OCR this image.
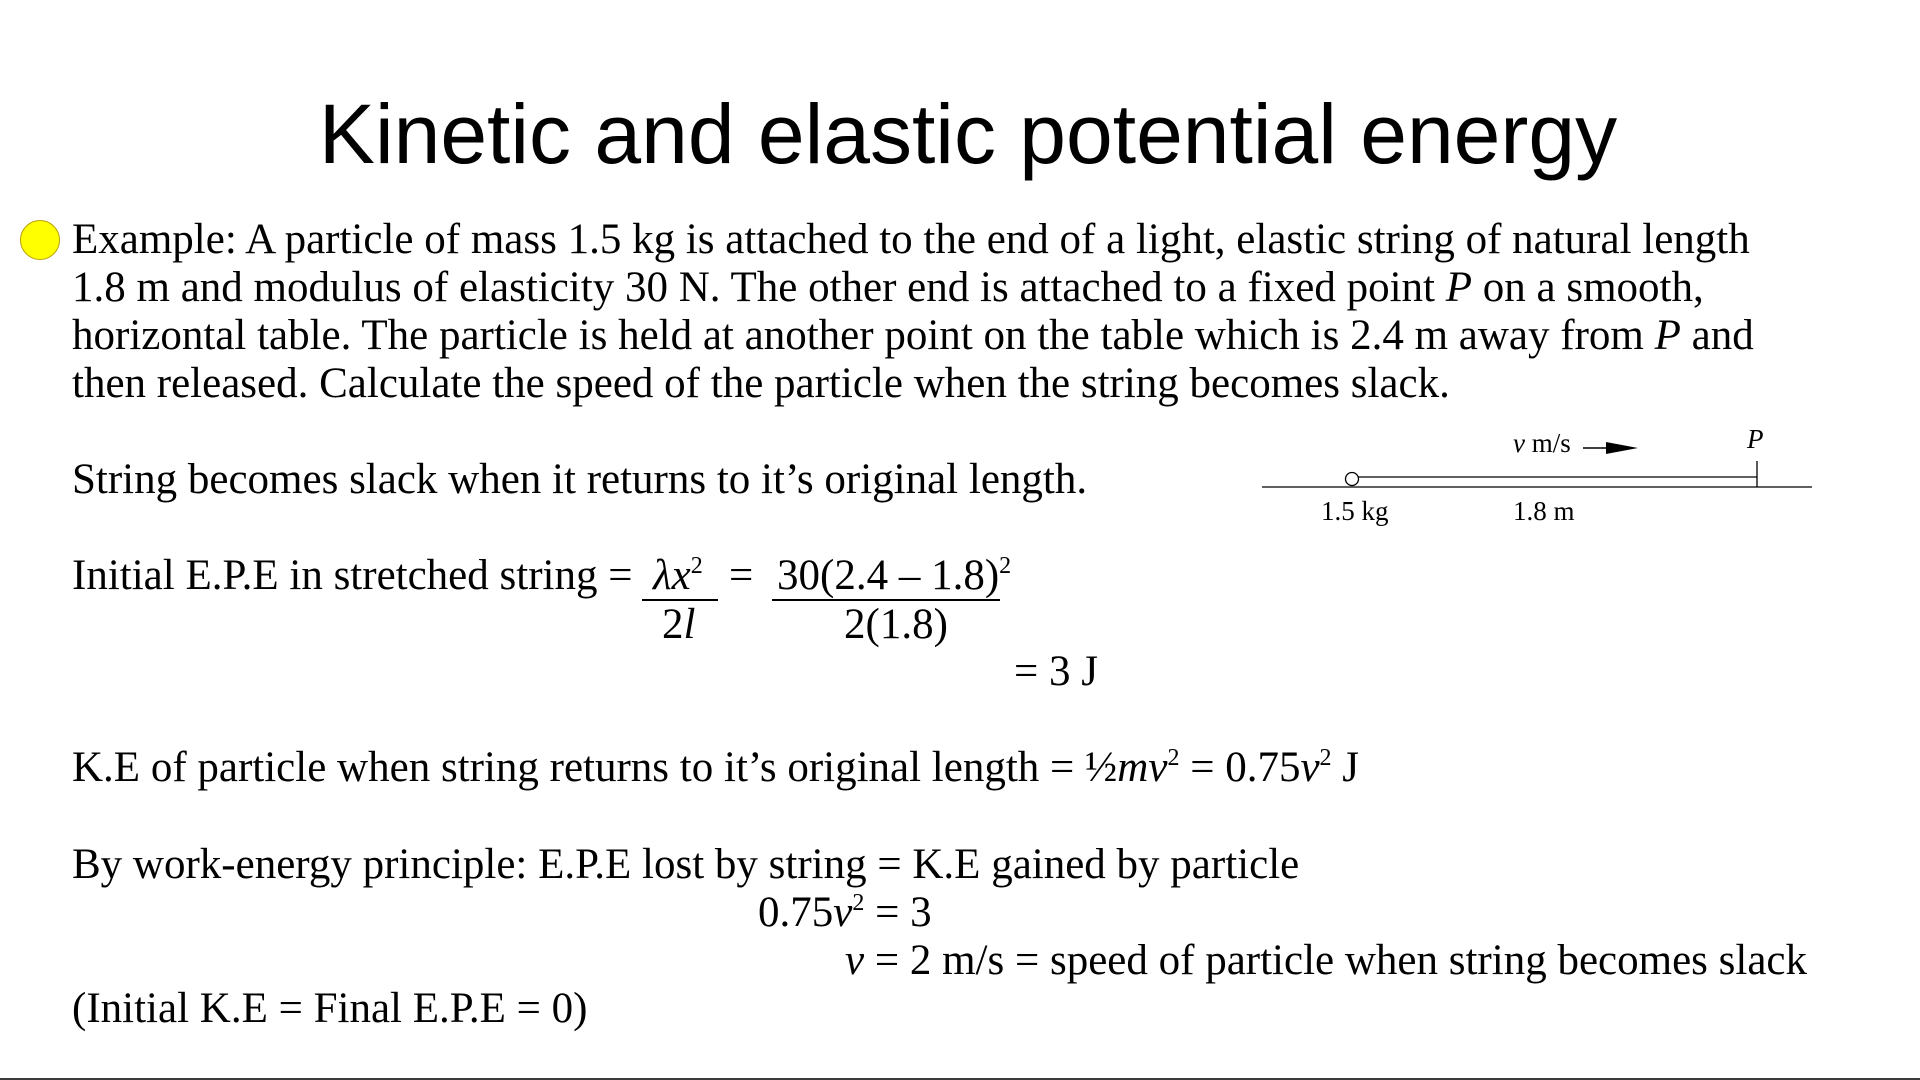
Kinetic and elastic potential energy
Example: A particle of mass 1.5 kg is attached to the end of a light, elastic string of natural length
1.8 m and modulus of elasticity 30 N. The other end is attached to a fixed point P on a smooth,
horizontal table. The particle is held at another point on the table which is 2.4 m away from P and
then released. Calculate the speed of the particle when the string becomes slack.
String becomes slack when it returns to it’s original length.
v m/s	P
1.5 kg	1.8 m
Initial E.P.E in stretched string = $\lambda x^2 = 30(2.4 - 1.8)^2$
2l	2(1.8)
= 3 J
K.E of particle when string returns to it’s original length = $\frac{1}{2}mv^2 = 0.75v^2$ J
By work-energy principle: E.P.E lost by string = K.E gained by particle
$0.75v^2 = 3$
v = 2 m/s = speed of particle when string becomes slack
(Initial K.E = Final E.P.E = 0)
